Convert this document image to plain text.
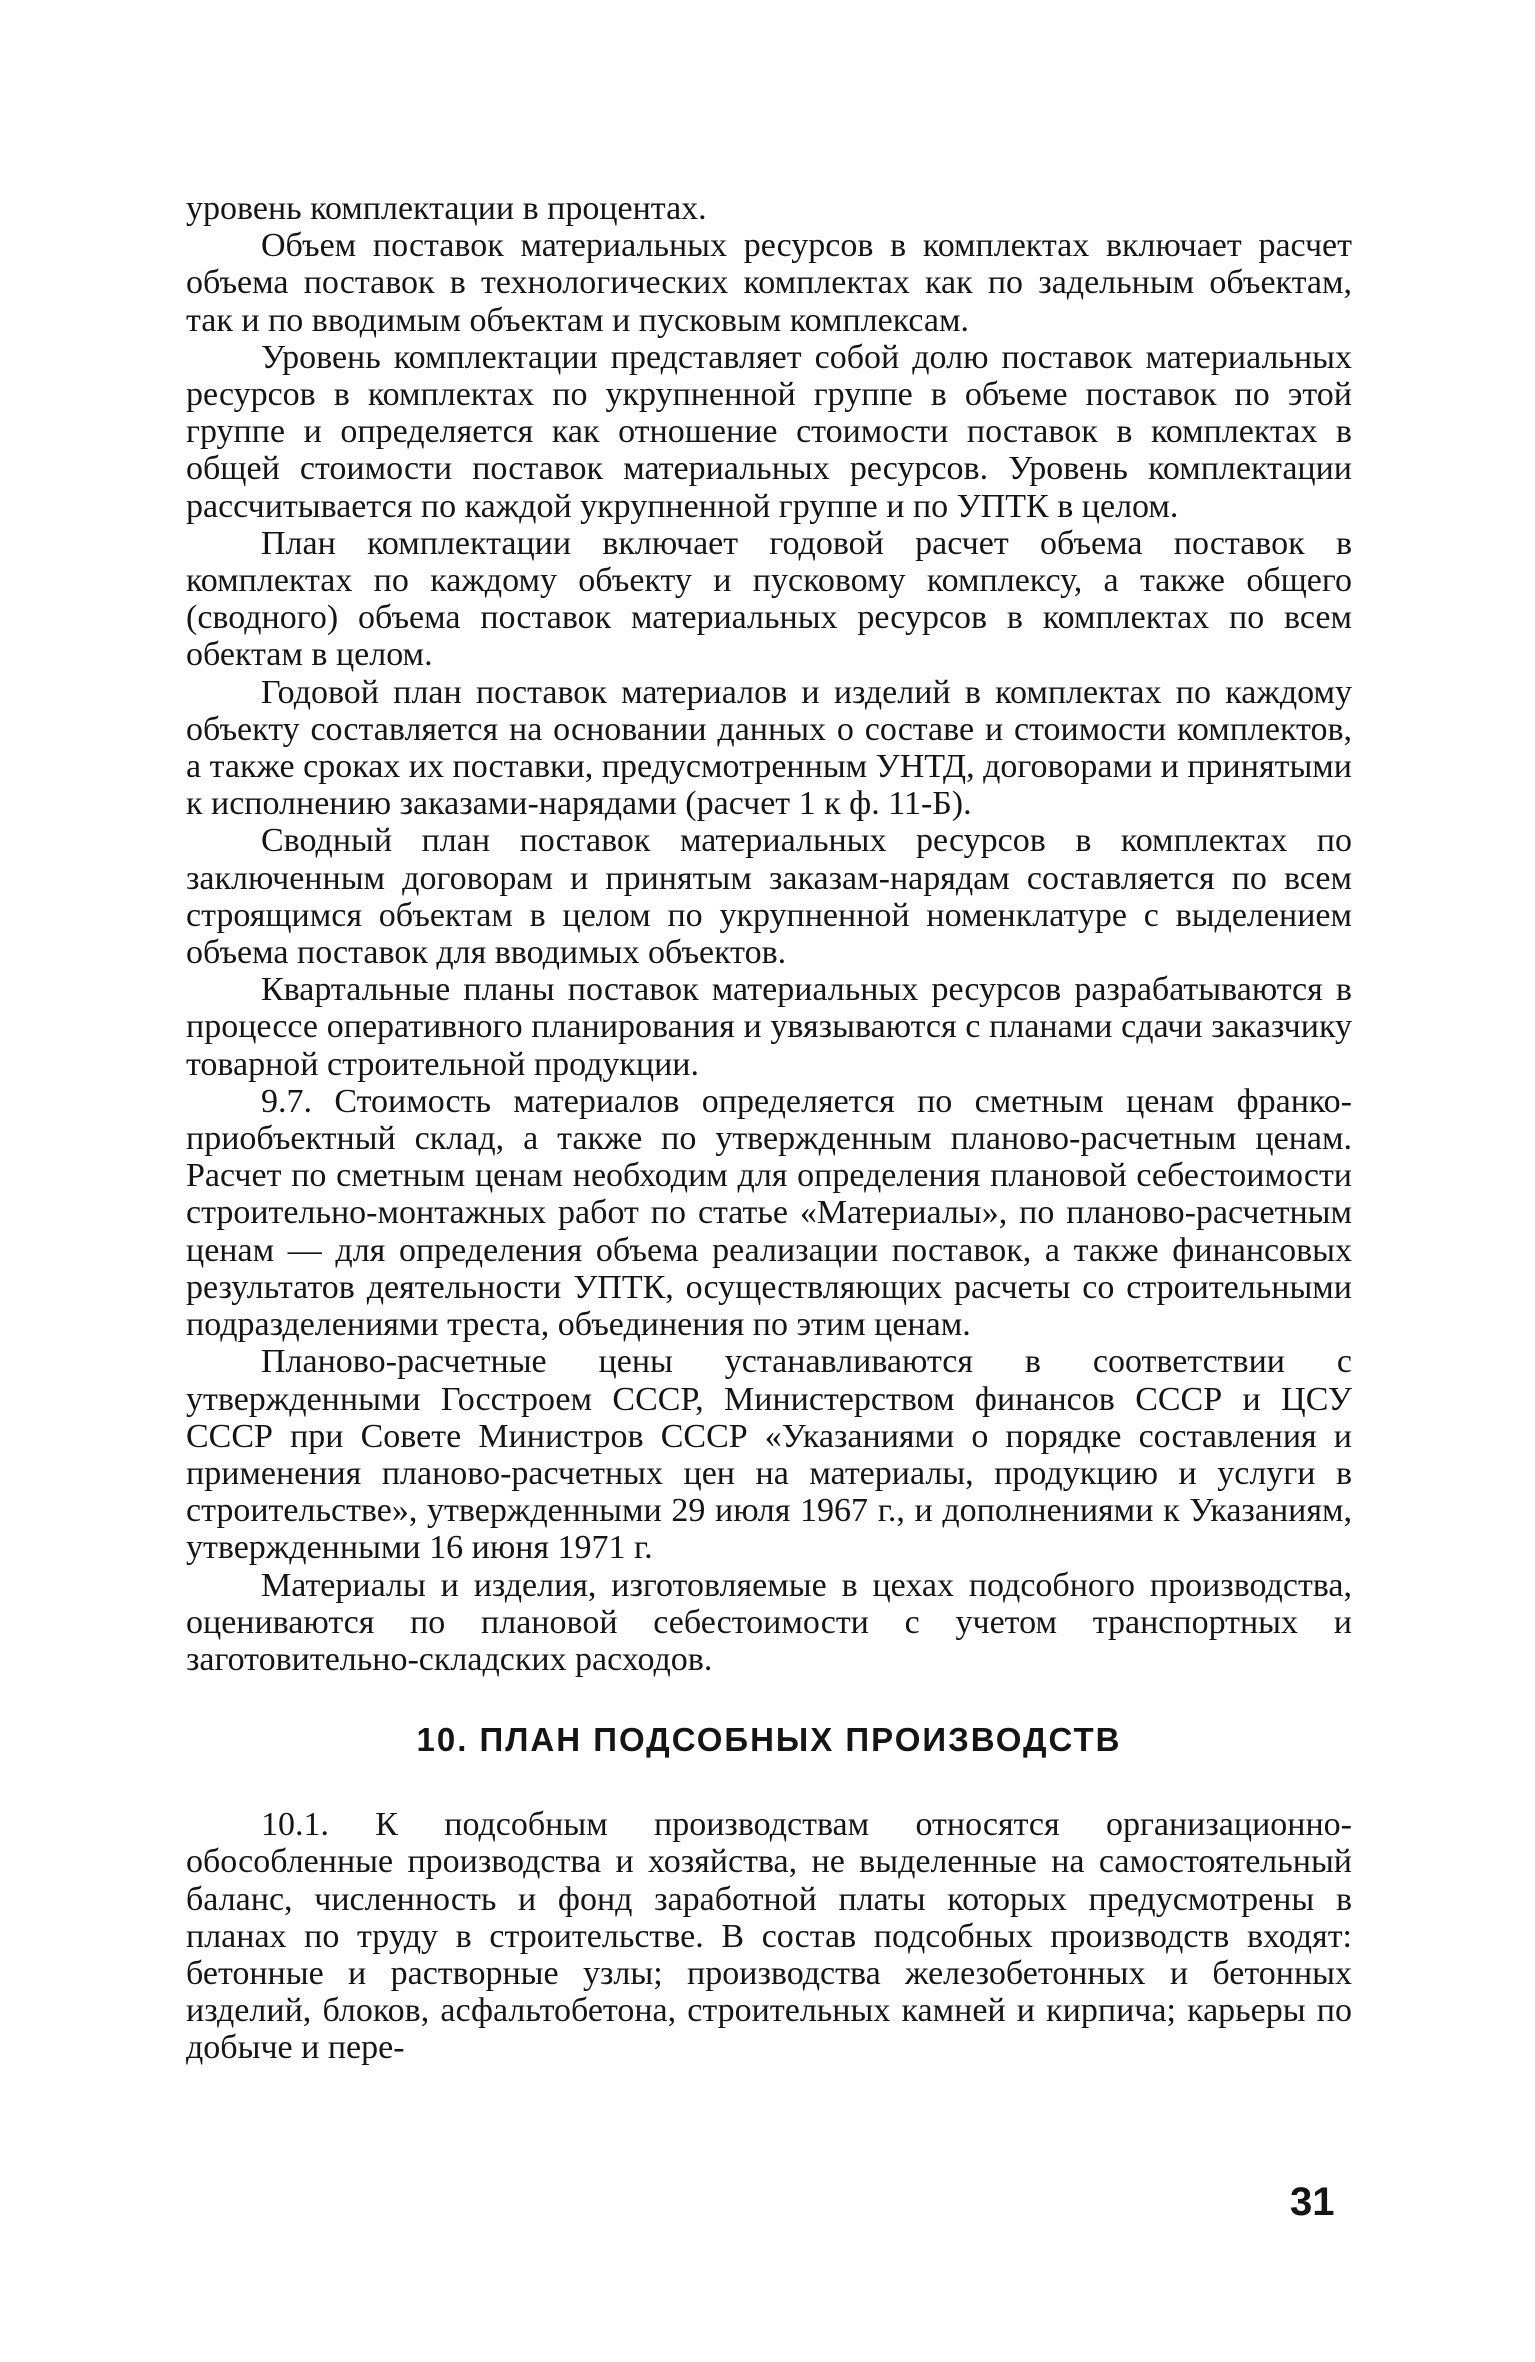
уровень комплектации в процентах.

Объем поставок материальных ресурсов в комплектах включает расчет объема поставок в технологических комплектах как по задельным объектам, так и по вводимым объектам и пусковым комплексам.

Уровень комплектации представляет собой долю поставок материальных ресурсов в комплектах по укрупненной группе в объеме поставок по этой группе и определяется как отношение стоимости поставок в комплектах в общей стоимости поставок материальных ресурсов. Уровень комплектации рассчитывается по каждой укрупненной группе и по УПТК в целом.

План комплектации включает годовой расчет объема поставок в комплектах по каждому объекту и пусковому комплексу, а также общего (сводного) объема поставок материальных ресурсов в комплектах по всем обектам в целом.

Годовой план поставок материалов и изделий в комплектах по каждому объекту составляется на основании данных о составе и стоимости комплектов, а также сроках их поставки, предусмотренным УНТД, договорами и принятыми к исполнению заказами-нарядами (расчет 1 к ф. 11-Б).

Сводный план поставок материальных ресурсов в комплектах по заключенным договорам и принятым заказам-нарядам составляется по всем строящимся объектам в целом по укрупненной номенклатуре с выделением объема поставок для вводимых объектов.

Квартальные планы поставок материальных ресурсов разрабатываются в процессе оперативного планирования и увязываются с планами сдачи заказчику товарной строительной продукции.

9.7. Стоимость материалов определяется по сметным ценам франко-приобъектный склад, а также по утвержденным планово-расчетным ценам. Расчет по сметным ценам необходим для определения плановой себестоимости строительно-монтажных работ по статье «Материалы», по планово-расчетным ценам — для определения объема реализации поставок, а также финансовых результатов деятельности УПТК, осуществляющих расчеты со строительными подразделениями треста, объединения по этим ценам.

Планово-расчетные цены устанавливаются в соответствии с утвержденными Госстроем СССР, Министерством финансов СССР и ЦСУ СССР при Совете Министров СССР «Указаниями о порядке составления и применения планово-расчетных цен на материалы, продукцию и услуги в строительстве», утвержденными 29 июля 1967 г., и дополнениями к Указаниям, утвержденными 16 июня 1971 г.

Материалы и изделия, изготовляемые в цехах подсобного производства, оцениваются по плановой себестоимости с учетом транспортных и заготовительно-складских расходов.

10. ПЛАН ПОДСОБНЫХ ПРОИЗВОДСТВ

10.1. К подсобным производствам относятся организационно-обособленные производства и хозяйства, не выделенные на самостоятельный баланс, численность и фонд заработной платы которых предусмотрены в планах по труду в строительстве. В состав подсобных производств входят: бетонные и растворные узлы; производства железобетонных и бетонных изделий, блоков, асфальтобетона, строительных камней и кирпича; карьеры по добыче и пере-

31
